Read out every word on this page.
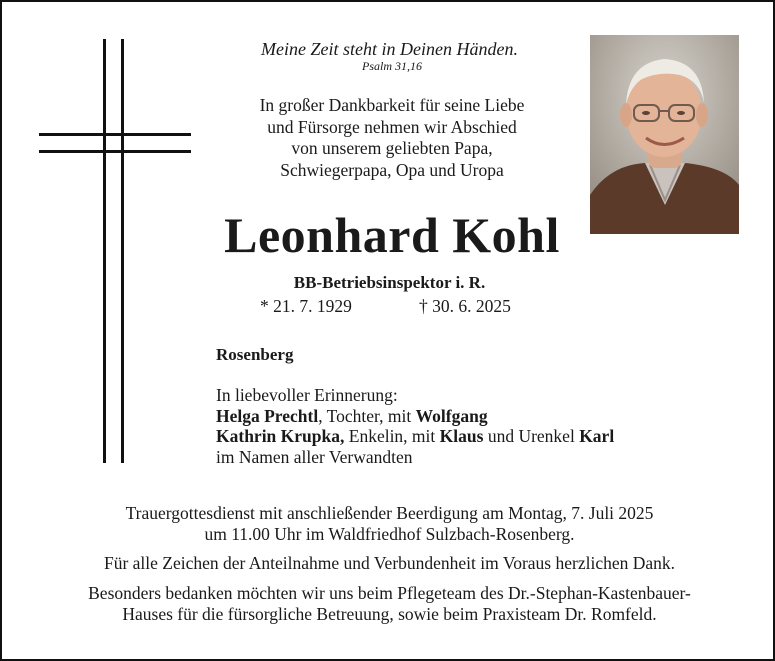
Meine Zeit steht in Deinen Händen.
Psalm 31,16
In großer Dankbarkeit für seine Liebe
und Fürsorge nehmen wir Abschied
von unserem geliebten Papa,
Schwiegerpapa, Opa und Uropa
Leonhard Kohl
BB-Betriebsinspektor i. R.
* 21. 7. 1929	† 30. 6. 2025
Rosenberg
In liebevoller Erinnerung:
Helga Prechtl, Tochter, mit Wolfgang
Kathrin Krupka, Enkelin, mit Klaus und Urenkel Karl
im Namen aller Verwandten
Trauergottesdienst mit anschließender Beerdigung am Montag, 7. Juli 2025
um 11.00 Uhr im Waldfriedhof Sulzbach-Rosenberg.
Für alle Zeichen der Anteilnahme und Verbundenheit im Voraus herzlichen Dank.
Besonders bedanken möchten wir uns beim Pflegeteam des Dr.-Stephan-Kastenbauer-
Hauses für die fürsorgliche Betreuung, sowie beim Praxisteam Dr. Romfeld.
